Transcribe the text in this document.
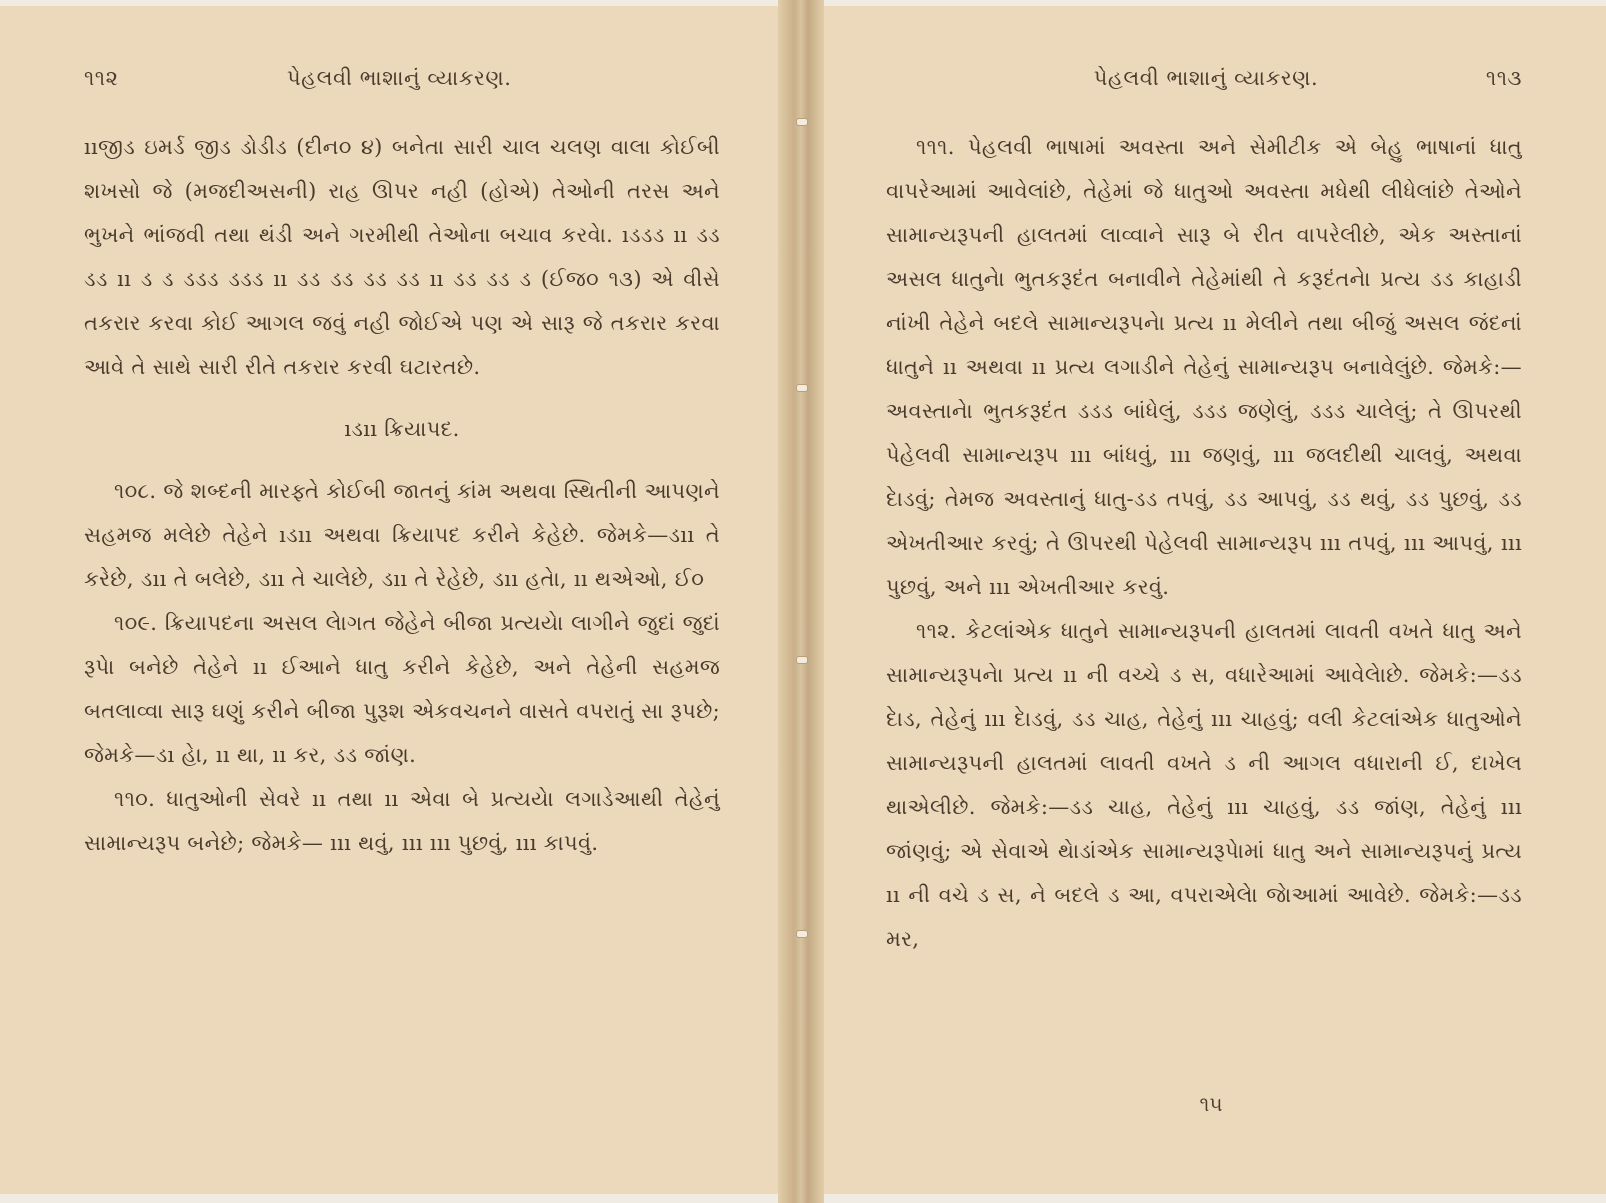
૧૧૨	પેહલવી ભાશાનું વ્યાકરણ.

ııજીડ ઇમર્ડ જીડ ડોડીડ (દીન૦ ૪) બનેતા સારી ચાલ ચલણ વાલા કોઈબી શખસો જે (મજદીઅસની) રાહ ઊપર નહી (હોએ) તેઓની તરસ અને ભુખને ભાંજવી તથા થંડી અને ગરમીથી તેઓના બચાવ કરવેા. ıડડડ ıı ડડ ડડ ıı ડ ડ ડડડ ડડડ ıı ડડ ડડ ડડ ડડ ıı ડડ ડડ ડ (ઈજ૦ ૧૩) એ વીસે તકરાર કરવા કોઈ આગલ જવું નહી જોઈએ પણ એ સારૂ જે તકરાર કરવા આવે તે સાથે સારી રીતે તકરાર કરવી ઘટારતછે.

ıડıı ક્રિયાપદ.

૧૦૮. જે શબ્દની મારફ્તે કોઈબી જાતનું કાંમ અથવા સ્થિતીની આપણને સહમજ મલેછે તેહેને ıડıı અથવા ક્રિયાપદ કરીને કેહેછે. જેમકે—ડıı તે કરેછે, ડıı તે બલેછે, ડıı તે ચાલેછે, ડıı તે રેહેછે, ડıı હતેા, ıı થએઓ, ઈ૦

૧૦૯. ક્રિયાપદના અસલ લેાગત જેહેને બીજા પ્રત્યયેા લાગીને જુદાં જુદાં રૂપેા બનેછે તેહેને ıı ઈઆને ધાતુ કરીને કેહેછે, અને તેહેની સહમજ બતલાવ્વા સારૂ ઘણું કરીને બીજા પુરૂશ એકવચનને વાસતે વપરાતું સા રૂપછે; જેમકે—ડı હેા, ıı થા, ıı કર, ડડ જાંણ.

૧૧૦. ધાતુઓની સેવરે ıı તથા ıı એવા બે પ્રત્યયેા લગાડેઆથી તેહેનું સામાન્યરૂપ બનેછે; જેમકે— ııı થવું, ııı ııı પુછવું, ııı કાપવું.

પેહલવી ભાશાનું વ્યાકરણ.	૧૧૩

૧૧૧. પેહલવી ભાષામાં અવસ્તા અને સેમીટીક એ બેહુ ભાષાનાં ધાતુ વાપરેઆમાં આવેલાંછે, તેહેમાં જે ધાતુઓ અવસ્તા મધેથી લીધેલાંછે તેઓને સામાન્યરૂપની હાલતમાં લાવ્વાને સારૂ બે રીત વાપરેલીછે, એક અસ્તાનાં અસલ ધાતુનેા ભુતકરૂદંત બનાવીને તેહેમાંથી તે કરૂદંતનેા પ્રત્ય ડડ કાહાડી નાંખી તેહેને બદલે સામાન્યરૂપનેા પ્રત્ય ıı મેલીને તથા બીજું અસલ જંદનાં ધાતુને ıı અથવા ıı પ્રત્ય લગાડીને તેહેનું સામાન્યરૂપ બનાવેલુંછે. જેમકે:—અવસ્તાનેા ભુતકરૂદંત ડડડ બાંધેલું, ડડડ જણેલું, ડડડ ચાલેલું; તે ઊપરથી પેહેલવી સામાન્યરૂપ ııı બાંધવું, ııı જણવું, ııı જલદીથી ચાલવું, અથવા દેાડવું; તેમજ અવસ્તાનું ધાતુ-ડડ તપવું, ડડ આપવું, ડડ થવું, ડડ પુછવું, ડડ એખતીઆર કરવું; તે ઊપરથી પેહેલવી સામાન્યરૂપ ııı તપવું, ııı આપવું, ııı પુછવું, અને ııı એખતીઆર કરવું.

૧૧૨. કેટલાંએક ધાતુને સામાન્યરૂપની હાલતમાં લાવતી વખતે ધાતુ અને સામાન્યરૂપનેા પ્રત્ય ıı ની વચ્ચે ડ સ, વધારેઆમાં આવેલેાછે. જેમકે:—ડડ દેાડ, તેહેનું ııı દેાડવું, ડડ ચાહ, તેહેનું ııı ચાહવું; વલી કેટલાંએક ધાતુઓને સામાન્યરૂપની હાલતમાં લાવતી વખતે ડ ની આગલ વધારાની ઈ, દાખેલ થાએલીછે. જેમકે:—ડડ ચાહ, તેહેનું ııı ચાહવું, ડડ જાંણ, તેહેનું ııı જાંણવું; એ સેવાએ થેાડાંએક સામાન્યરૂપેામાં ધાતુ અને સામાન્યરૂપનું પ્રત્ય ıı ની વચે ડ સ, ને બદલે ડ આ, વપરાએલેા જેાઆમાં આવેછે. જેમકે:—ડડ મર,

૧૫
